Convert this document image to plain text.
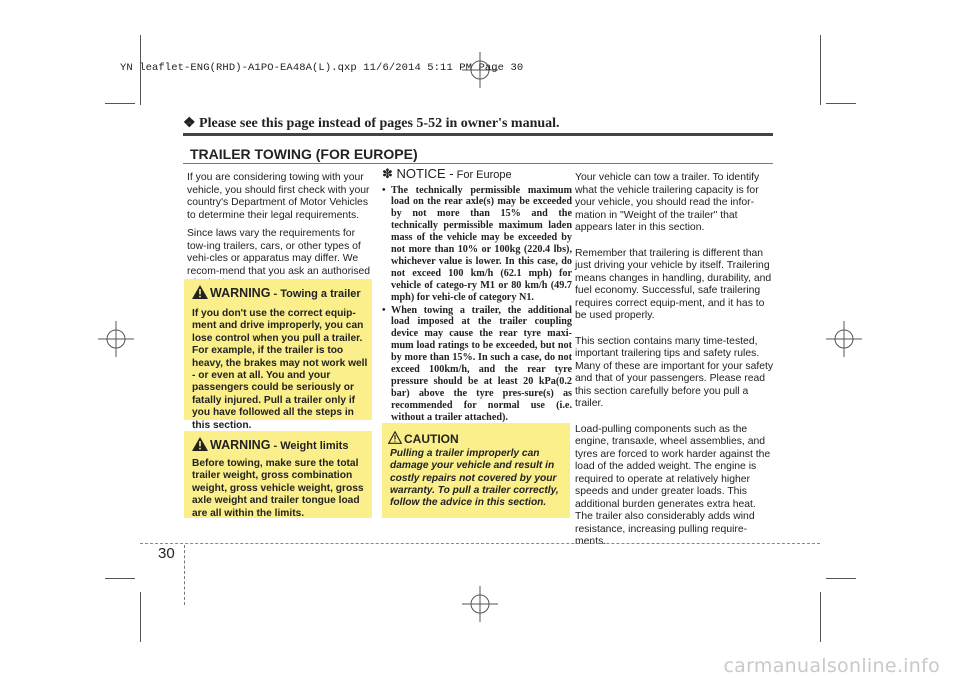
YN leaflet-ENG(RHD)-A1PO-EA48A(L).qxp 11/6/2014 5:11 PM Page 30
❖ Please see this page instead of pages 5-52 in owner's manual.
TRAILER TOWING (FOR EUROPE)

If you are considering towing with your vehicle, you should first check with your country's Department of Motor Vehicles to determine their legal requirements.

Since laws vary the requirements for tow-ing trailers, cars, or other types of vehi-cles or apparatus may differ. We recom-mend that you ask an authorised

WARNING - Towing a trailer
If you don't use the correct equip-ment and drive improperly, you can lose control when you pull a trailer. For example, if the trailer is too heavy, the brakes may not work well - or even at all. You and your passengers could be seriously or fatally injured. Pull a trailer only if you have followed all the steps in this section.
WARNING - Weight limits
Before towing, make sure the total trailer weight, gross combination weight, gross vehicle weight, gross axle weight and trailer tongue load are all within the limits.
✽ NOTICE - For Europe
• The technically permissible maximum load on the rear axle(s) may be exceeded by not more than 15% and the technically permissible maximum laden mass of the vehicle may be exceeded by not more than 10% or 100kg (220.4 lbs), whichever value is lower. In this case, do not exceed 100 km/h (62.1 mph) for vehicle of catego-ry M1 or 80 km/h (49.7 mph) for vehi-cle of category N1.
• When towing a trailer, the additional load imposed at the trailer coupling device may cause the rear tyre maxi-mum load ratings to be exceeded, but not by more than 15%. In such a case, do not exceed 100km/h, and the rear tyre pressure should be at least 20 kPa(0.2 bar) above the tyre pres-sure(s) as recommended for normal use (i.e. without a trailer attached).
CAUTION
Pulling a trailer improperly can damage your vehicle and result in costly repairs not covered by your warranty. To pull a trailer correctly, follow the advice in this section.

Your vehicle can tow a trailer. To identify what the vehicle trailering capacity is for your vehicle, you should read the infor-mation in "Weight of the trailer" that appears later in this section.

Remember that trailering is different than just driving your vehicle by itself. Trailering means changes in handling, durability, and fuel economy. Successful, safe trailering requires correct equip-ment, and it has to be used properly.

This section contains many time-tested, important trailering tips and safety rules. Many of these are important for your safety and that of your passengers. Please read this section carefully before you pull a trailer.

Load-pulling components such as the engine, transaxle, wheel assemblies, and tyres are forced to work harder against the load of the added weight. The engine is required to operate at relatively higher speeds and under greater loads. This additional burden generates extra heat. The trailer also considerably adds wind resistance, increasing pulling require-ments.

30
carmanualsonline.info
